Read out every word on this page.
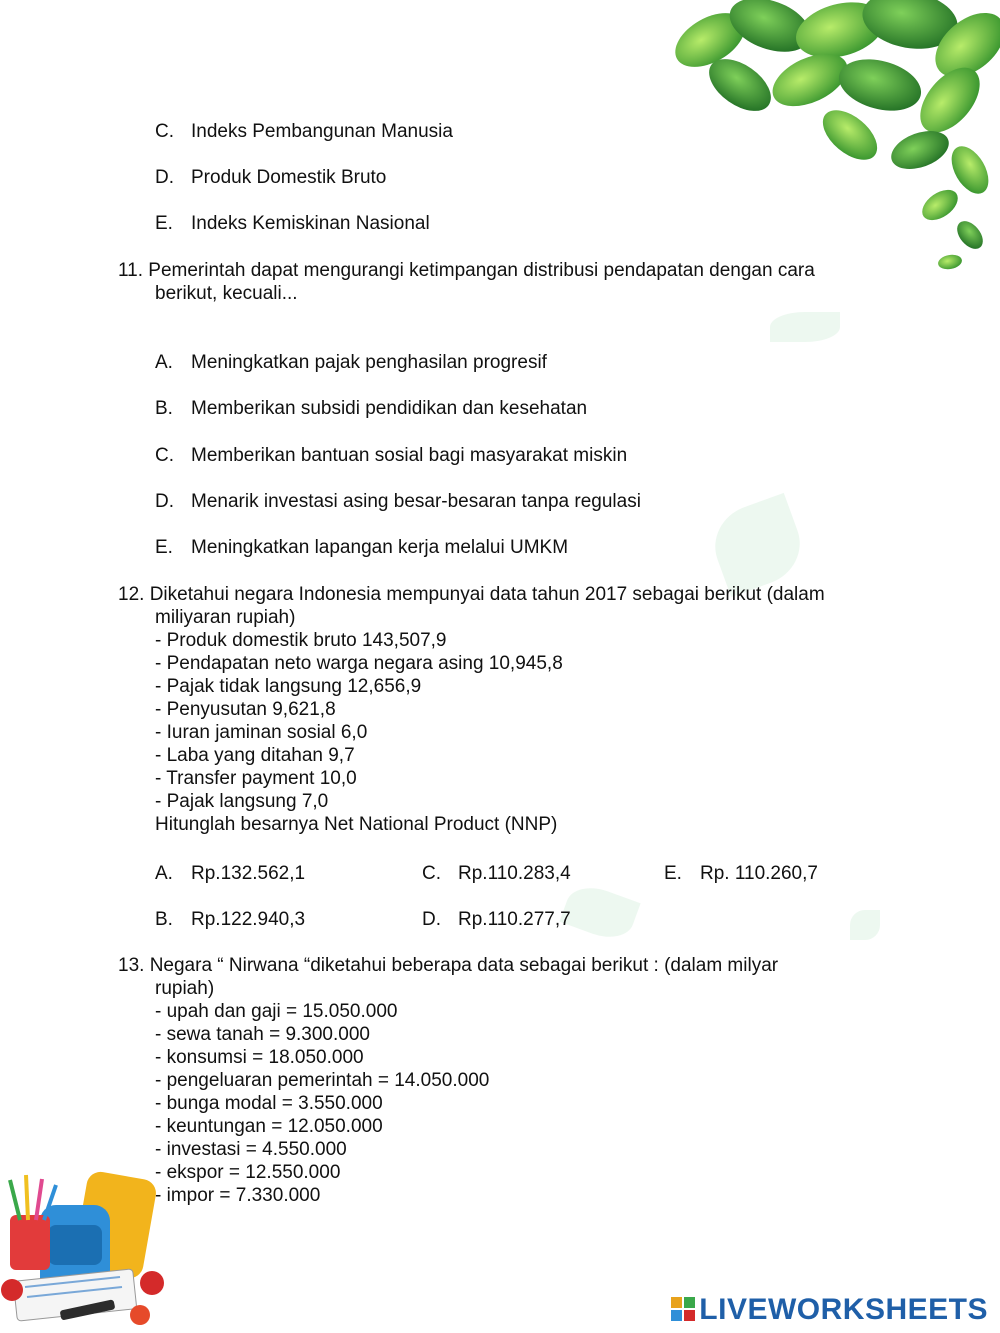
C. Indeks Pembangunan Manusia
D. Produk Domestik Bruto
E. Indeks Kemiskinan Nasional
11. Pemerintah dapat mengurangi ketimpangan distribusi pendapatan dengan cara
berikut, kecuali...
A. Meningkatkan pajak penghasilan progresif
B. Memberikan subsidi pendidikan dan kesehatan
C. Memberikan bantuan sosial bagi masyarakat miskin
D. Menarik investasi asing besar-besaran tanpa regulasi
E. Meningkatkan lapangan kerja melalui UMKM
12. Diketahui negara Indonesia mempunyai data tahun 2017 sebagai berikut (dalam
miliyaran rupiah)
- Produk domestik bruto 143,507,9
- Pendapatan neto warga negara asing 10,945,8
- Pajak tidak langsung 12,656,9
- Penyusutan 9,621,8
- Iuran jaminan sosial 6,0
- Laba yang ditahan 9,7
- Transfer payment 10,0
- Pajak langsung 7,0
Hitunglah besarnya Net National Product (NNP)
A. Rp.132.562,1	C. Rp.110.283,4	E. Rp. 110.260,7
B. Rp.122.940,3	D. Rp.110.277,7
13. Negara “ Nirwana “diketahui beberapa data sebagai berikut : (dalam milyar
rupiah)
- upah dan gaji = 15.050.000
- sewa tanah = 9.300.000
- konsumsi = 18.050.000
- pengeluaran pemerintah = 14.050.000
- bunga modal = 3.550.000
- keuntungan = 12.050.000
- investasi = 4.550.000
- ekspor = 12.550.000
- impor = 7.330.000
LIVEWORKSHEETS
